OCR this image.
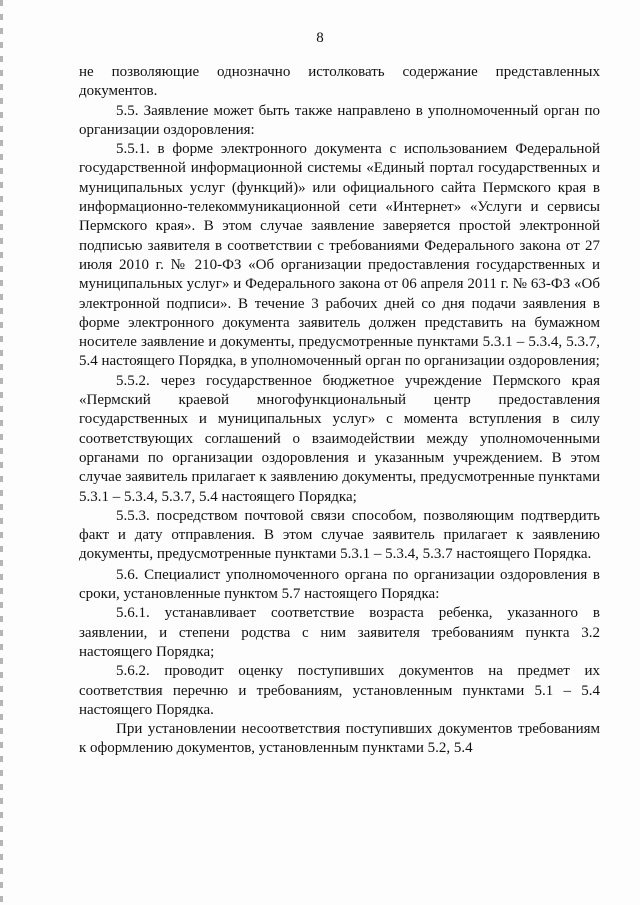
8

не позволяющие однозначно истолковать содержание представленных документов.

5.5. Заявление может быть также направлено в уполномоченный орган по организации оздоровления:

5.5.1. в форме электронного документа с использованием Федеральной государственной информационной системы «Единый портал государственных и муниципальных услуг (функций)» или официального сайта Пермского края в информационно-телекоммуникационной сети «Интернет» «Услуги и сервисы Пермского края». В этом случае заявление заверяется простой электронной подписью заявителя в соответствии с требованиями Федерального закона от 27 июля 2010 г. № 210-ФЗ «Об организации предоставления государственных и муниципальных услуг» и Федерального закона от 06 апреля 2011 г. № 63-ФЗ «Об электронной подписи». В течение 3 рабочих дней со дня подачи заявления в форме электронного документа заявитель должен представить на бумажном носителе заявление и документы, предусмотренные пунктами 5.3.1 – 5.3.4, 5.3.7, 5.4 настоящего Порядка, в уполномоченный орган по организации оздоровления;

5.5.2. через государственное бюджетное учреждение Пермского края «Пермский краевой многофункциональный центр предоставления государственных и муниципальных услуг» с момента вступления в силу соответствующих соглашений о взаимодействии между уполномоченными органами по организации оздоровления и указанным учреждением. В этом случае заявитель прилагает к заявлению документы, предусмотренные пунктами 5.3.1 – 5.3.4, 5.3.7, 5.4 настоящего Порядка;

5.5.3. посредством почтовой связи способом, позволяющим подтвердить факт и дату отправления. В этом случае заявитель прилагает к заявлению документы, предусмотренные пунктами 5.3.1 – 5.3.4, 5.3.7 настоящего Порядка.

5.6. Специалист уполномоченного органа по организации оздоровления в сроки, установленные пунктом 5.7 настоящего Порядка:

5.6.1. устанавливает соответствие возраста ребенка, указанного в заявлении, и степени родства с ним заявителя требованиям пункта 3.2 настоящего Порядка;

5.6.2. проводит оценку поступивших документов на предмет их соответствия перечню и требованиям, установленным пунктами 5.1 – 5.4 настоящего Порядка.

При установлении несоответствия поступивших документов требованиям к оформлению документов, установленным пунктами 5.2, 5.4
